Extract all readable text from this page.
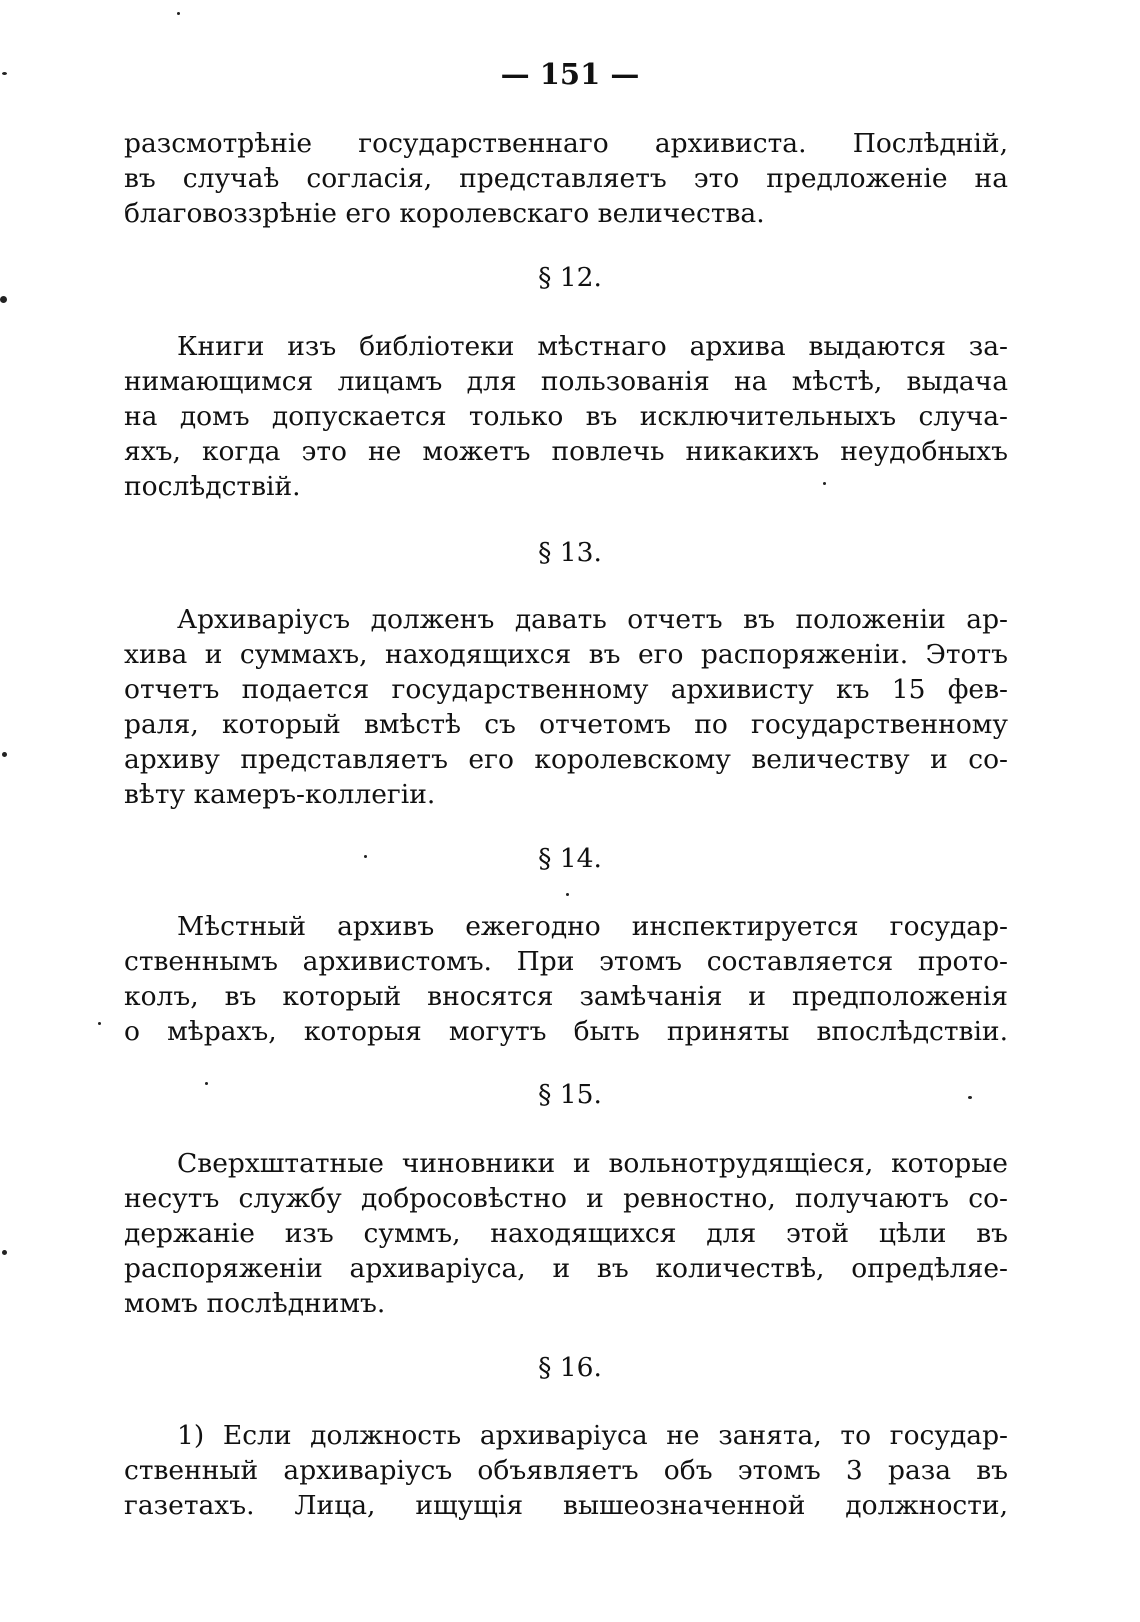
— 151 —
разсмотрѣніе государственнаго архивиста. Послѣдній,
въ случаѣ согласія, представляетъ это предложеніе на
благовоззрѣніе его королевскаго величества.
§ 12.
Книги изъ библіотеки мѣстнаго архива выдаются за-
нимающимся лицамъ для пользованія на мѣстѣ, выдача
на домъ допускается только въ исключительныхъ случа-
яхъ, когда это не можетъ повлечь никакихъ неудобныхъ
послѣдствій.
§ 13.
Архиваріусъ долженъ давать отчетъ въ положеніи ар-
хива и суммахъ, находящихся въ его распоряженіи. Этотъ
отчетъ подается государственному архивисту къ 15 фев-
раля, который вмѣстѣ съ отчетомъ по государственному
архиву представляетъ его королевскому величеству и со-
вѣту камеръ-коллегіи.
§ 14.
Мѣстный архивъ ежегодно инспектируется государ-
ственнымъ архивистомъ. При этомъ составляется прото-
колъ, въ который вносятся замѣчанія и предположенія
о мѣрахъ, которыя могутъ быть приняты впослѣдствіи.
§ 15.
Сверхштатные чиновники и вольнотрудящіеся, которые
несутъ службу добросовѣстно и ревностно, получаютъ со-
держаніе изъ суммъ, находящихся для этой цѣли въ
распоряженіи архиваріуса, и въ количествѣ, опредѣляе-
момъ послѣднимъ.
§ 16.
1) Если должность архиваріуса не занята, то государ-
ственный архиваріусъ объявляетъ объ этомъ 3 раза въ
газетахъ. Лица, ищущія вышеозначенной должности,
